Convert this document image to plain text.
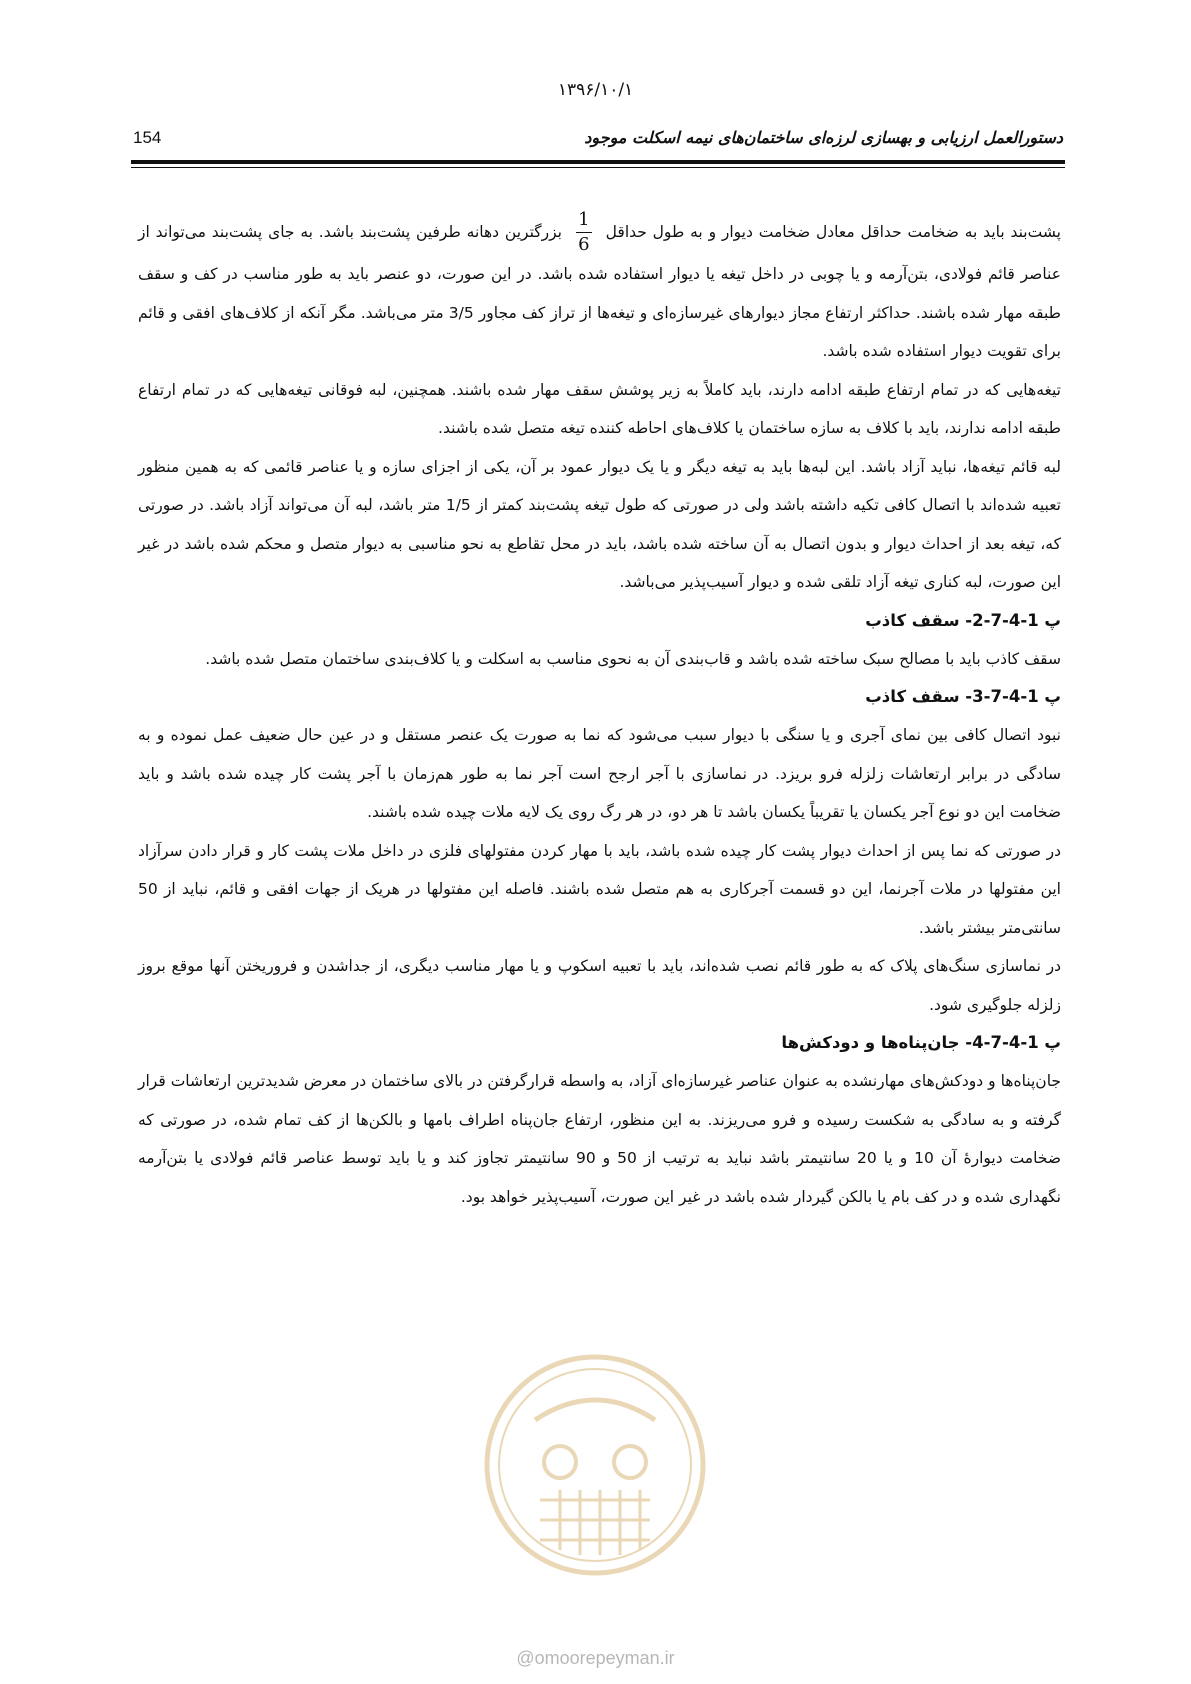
۱۳۹۶/۱۰/۱
154	دستورالعمل ارزیابی و بهسازی لرزه‌ای ساختمان‌های نیمه اسکلت موجود

پشت‌بند باید به ضخامت حداقل معادل ضخامت دیوار و به طول حداقل
$\frac{1}{6}$
بزرگترین دهانه طرفین پشت‌بند باشد. به جای پشت‌بند می‌تواند از عناصر قائم فولادی، بتن‌آرمه و یا چوبی در داخل تیغه یا دیوار استفاده شده باشد. در این صورت، دو عنصر باید به طور مناسب در کف و سقف طبقه مهار شده باشند. حداکثر ارتفاع مجاز دیوارهای غیرسازه‌ای و تیغه‌ها از تراز کف مجاور 3/5 متر می‌باشد. مگر آنکه از کلاف‌های افقی و قائم برای تقویت دیوار استفاده شده باشد.

تیغه‌هایی که در تمام ارتفاع طبقه ادامه دارند، باید کاملاً به زیر پوشش سقف مهار شده باشند. همچنین، لبه فوقانی تیغه‌هایی که در تمام ارتفاع طبقه ادامه ندارند، باید با کلاف به سازه ساختمان یا کلاف‌های احاطه کننده تیغه متصل شده باشند.

لبه قائم تیغه‌ها، نباید آزاد باشد. این لبه‌ها باید به تیغه دیگر و یا یک دیوار عمود بر آن، یکی از اجزای سازه و یا عناصر قائمی که به همین منظور تعبیه شده‌اند با اتصال کافی تکیه داشته باشد ولی در صورتی که طول تیغه پشت‌بند کمتر از 1/5 متر باشد، لبه آن می‌تواند آزاد باشد. در صورتی که، تیغه بعد از احداث دیوار و بدون اتصال به آن ساخته شده باشد، باید در محل تقاطع به نحو مناسبی به دیوار متصل و محکم شده باشد در غیر این صورت، لبه کناری تیغه آزاد تلقی شده و دیوار آسیب‌پذیر می‌باشد.

پ 1-4-7-2- سقف کاذب

سقف کاذب باید با مصالح سبک ساخته شده باشد و قاب‌بندی آن به نحوی مناسب به اسکلت و یا کلاف‌بندی ساختمان متصل شده باشد.

پ 1-4-7-3- سقف کاذب

نبود اتصال کافی بین نمای آجری و یا سنگی با دیوار سبب می‌شود که نما به صورت یک عنصر مستقل و در عین حال ضعیف عمل نموده و به سادگی در برابر ارتعاشات زلزله فرو بریزد. در نماسازی با آجر ارجح است آجر نما به طور هم‌زمان با آجر پشت کار چیده شده باشد و باید ضخامت این دو نوع آجر یکسان یا تقریباً یکسان باشد تا هر دو، در هر رگ روی یک لایه ملات چیده شده باشند.

در صورتی که نما پس از احداث دیوار پشت کار چیده شده باشد، باید با مهار کردن مفتولهای فلزی در داخل ملات پشت کار و قرار دادن سرآزاد این مفتولها در ملات آجرنما، این دو قسمت آجرکاری به هم متصل شده باشند. فاصله این مفتولها در هریک از جهات افقی و قائم، نباید از 50 سانتی‌متر بیشتر باشد.

در نماسازی سنگ‌های پلاک که به طور قائم نصب شده‌اند، باید با تعبیه اسکوپ و یا مهار مناسب دیگری، از جداشدن و فروریختن آنها موقع بروز زلزله جلوگیری شود.

پ 1-4-7-4- جان‌پناه‌ها و دودکش‌ها

جان‌پناه‌ها و دودکش‌های مهارنشده به عنوان عناصر غیرسازه‌ای آزاد، به واسطه قرارگرفتن در بالای ساختمان در معرض شدیدترین ارتعاشات قرار گرفته و به سادگی به شکست رسیده و فرو می‌ریزند. به این منظور، ارتفاع جان‌پناه اطراف بامها و بالکن‌ها از کف تمام شده، در صورتی که ضخامت دیوارهٔ آن 10 و یا 20 سانتیمتر باشد نباید به ترتیب از 50 و 90 سانتیمتر تجاوز کند و یا باید توسط عناصر قائم فولادی یا بتن‌آرمه نگهداری شده و در کف بام یا بالکن گیردار شده باشد در غیر این صورت، آسیب‌پذیر خواهد بود.

@omoorepeyman.ir
